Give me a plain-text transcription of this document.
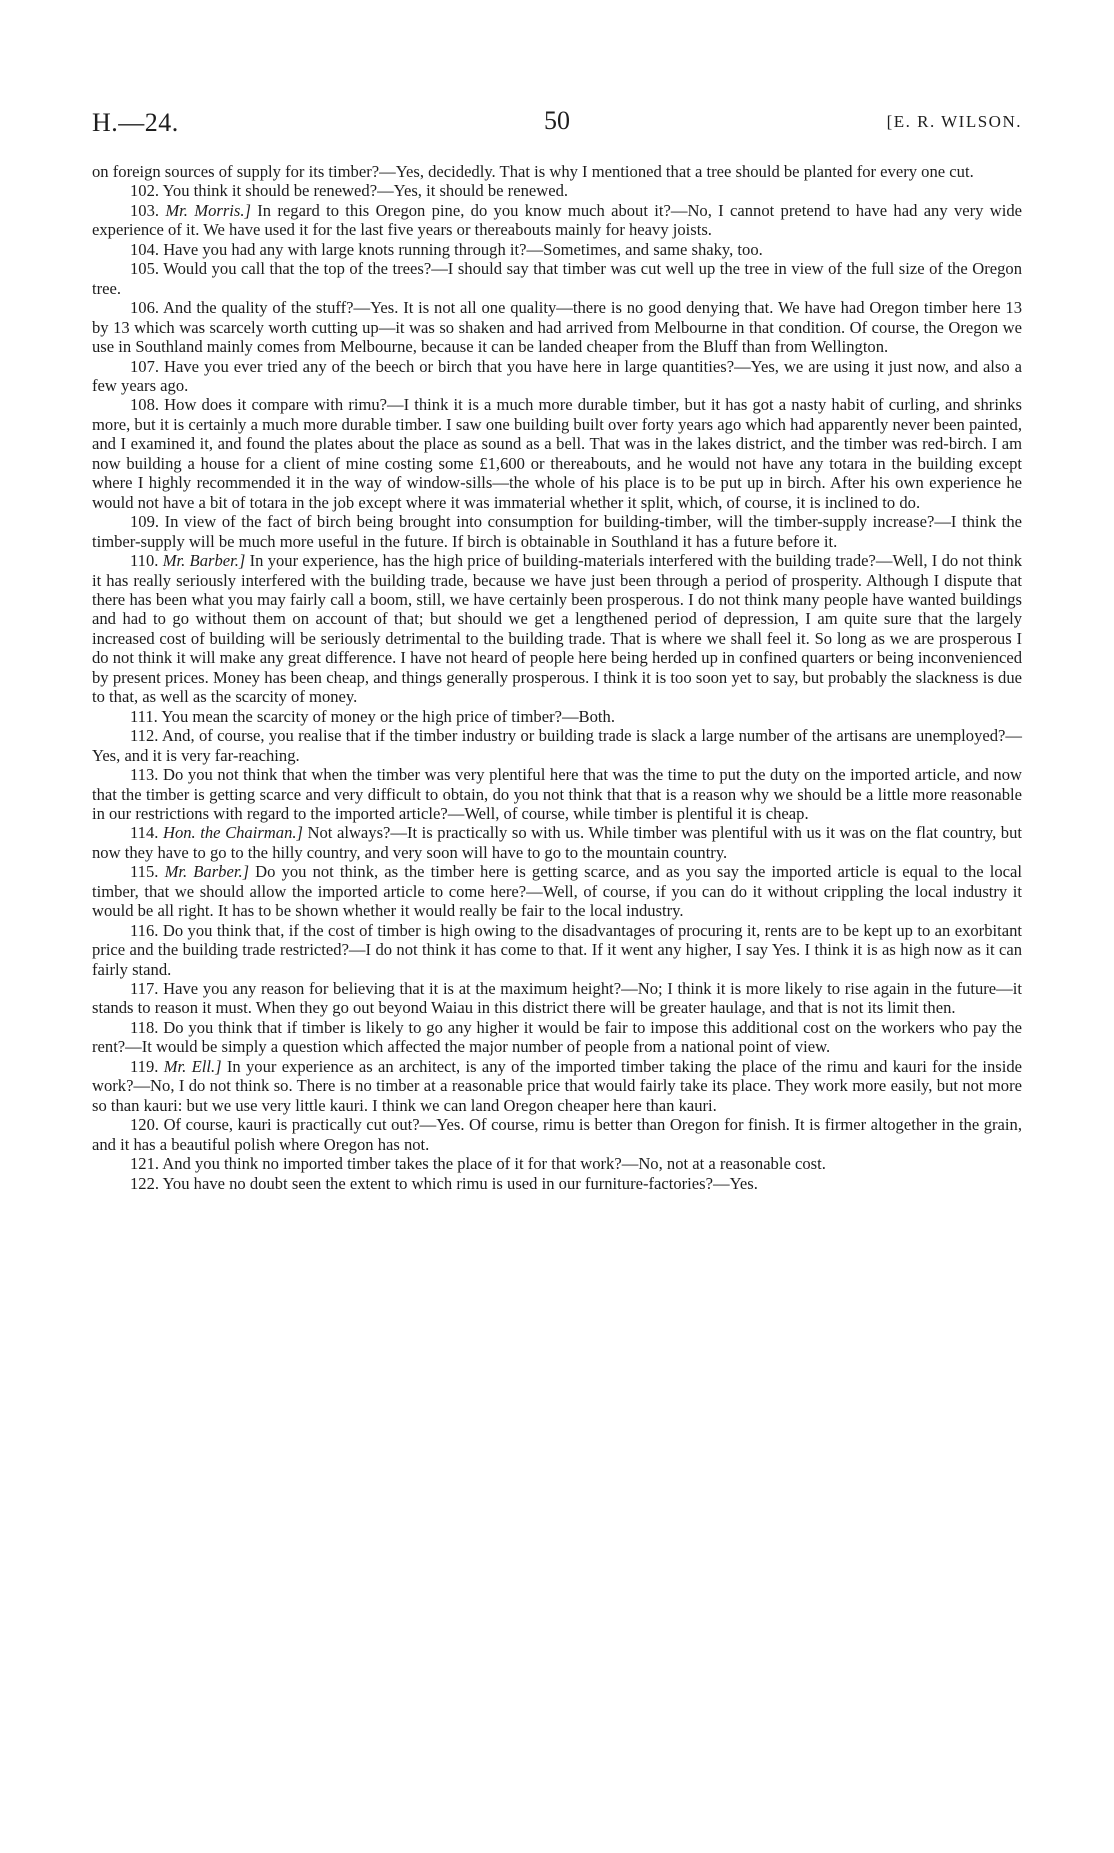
H.—24.	50	[E. R. WILSON.

on foreign sources of supply for its timber?—Yes, decidedly. That is why I mentioned that a tree should be planted for every one cut.

102. You think it should be renewed?—Yes, it should be renewed.

103. Mr. Morris.] In regard to this Oregon pine, do you know much about it?—No, I cannot pretend to have had any very wide experience of it. We have used it for the last five years or thereabouts mainly for heavy joists.

104. Have you had any with large knots running through it?—Sometimes, and same shaky, too.

105. Would you call that the top of the trees?—I should say that timber was cut well up the tree in view of the full size of the Oregon tree.

106. And the quality of the stuff?—Yes. It is not all one quality—there is no good denying that. We have had Oregon timber here 13 by 13 which was scarcely worth cutting up—it was so shaken and had arrived from Melbourne in that condition. Of course, the Oregon we use in Southland mainly comes from Melbourne, because it can be landed cheaper from the Bluff than from Wellington.

107. Have you ever tried any of the beech or birch that you have here in large quantities?—Yes, we are using it just now, and also a few years ago.

108. How does it compare with rimu?—I think it is a much more durable timber, but it has got a nasty habit of curling, and shrinks more, but it is certainly a much more durable timber. I saw one building built over forty years ago which had apparently never been painted, and I examined it, and found the plates about the place as sound as a bell. That was in the lakes district, and the timber was red-birch. I am now building a house for a client of mine costing some £1,600 or thereabouts, and he would not have any totara in the building except where I highly recommended it in the way of window-sills—the whole of his place is to be put up in birch. After his own experience he would not have a bit of totara in the job except where it was immaterial whether it split, which, of course, it is inclined to do.

109. In view of the fact of birch being brought into consumption for building-timber, will the timber-supply increase?—I think the timber-supply will be much more useful in the future. If birch is obtainable in Southland it has a future before it.

110. Mr. Barber.] In your experience, has the high price of building-materials interfered with the building trade?—Well, I do not think it has really seriously interfered with the building trade, because we have just been through a period of prosperity. Although I dispute that there has been what you may fairly call a boom, still, we have certainly been prosperous. I do not think many people have wanted buildings and had to go without them on account of that; but should we get a lengthened period of depression, I am quite sure that the largely increased cost of building will be seriously detrimental to the building trade. That is where we shall feel it. So long as we are prosperous I do not think it will make any great difference. I have not heard of people here being herded up in confined quarters or being inconvenienced by present prices. Money has been cheap, and things generally prosperous. I think it is too soon yet to say, but probably the slackness is due to that, as well as the scarcity of money.

111. You mean the scarcity of money or the high price of timber?—Both.

112. And, of course, you realise that if the timber industry or building trade is slack a large number of the artisans are unemployed?—Yes, and it is very far-reaching.

113. Do you not think that when the timber was very plentiful here that was the time to put the duty on the imported article, and now that the timber is getting scarce and very difficult to obtain, do you not think that that is a reason why we should be a little more reasonable in our restrictions with regard to the imported article?—Well, of course, while timber is plentiful it is cheap.

114. Hon. the Chairman.] Not always?—It is practically so with us. While timber was plentiful with us it was on the flat country, but now they have to go to the hilly country, and very soon will have to go to the mountain country.

115. Mr. Barber.] Do you not think, as the timber here is getting scarce, and as you say the imported article is equal to the local timber, that we should allow the imported article to come here?—Well, of course, if you can do it without crippling the local industry it would be all right. It has to be shown whether it would really be fair to the local industry.

116. Do you think that, if the cost of timber is high owing to the disadvantages of procuring it, rents are to be kept up to an exorbitant price and the building trade restricted?—I do not think it has come to that. If it went any higher, I say Yes. I think it is as high now as it can fairly stand.

117. Have you any reason for believing that it is at the maximum height?—No; I think it is more likely to rise again in the future—it stands to reason it must. When they go out beyond Waiau in this district there will be greater haulage, and that is not its limit then.

118. Do you think that if timber is likely to go any higher it would be fair to impose this additional cost on the workers who pay the rent?—It would be simply a question which affected the major number of people from a national point of view.

119. Mr. Ell.] In your experience as an architect, is any of the imported timber taking the place of the rimu and kauri for the inside work?—No, I do not think so. There is no timber at a reasonable price that would fairly take its place. They work more easily, but not more so than kauri: but we use very little kauri. I think we can land Oregon cheaper here than kauri.

120. Of course, kauri is practically cut out?—Yes. Of course, rimu is better than Oregon for finish. It is firmer altogether in the grain, and it has a beautiful polish where Oregon has not.

121. And you think no imported timber takes the place of it for that work?—No, not at a reasonable cost.

122. You have no doubt seen the extent to which rimu is used in our furniture-factories?—Yes.
